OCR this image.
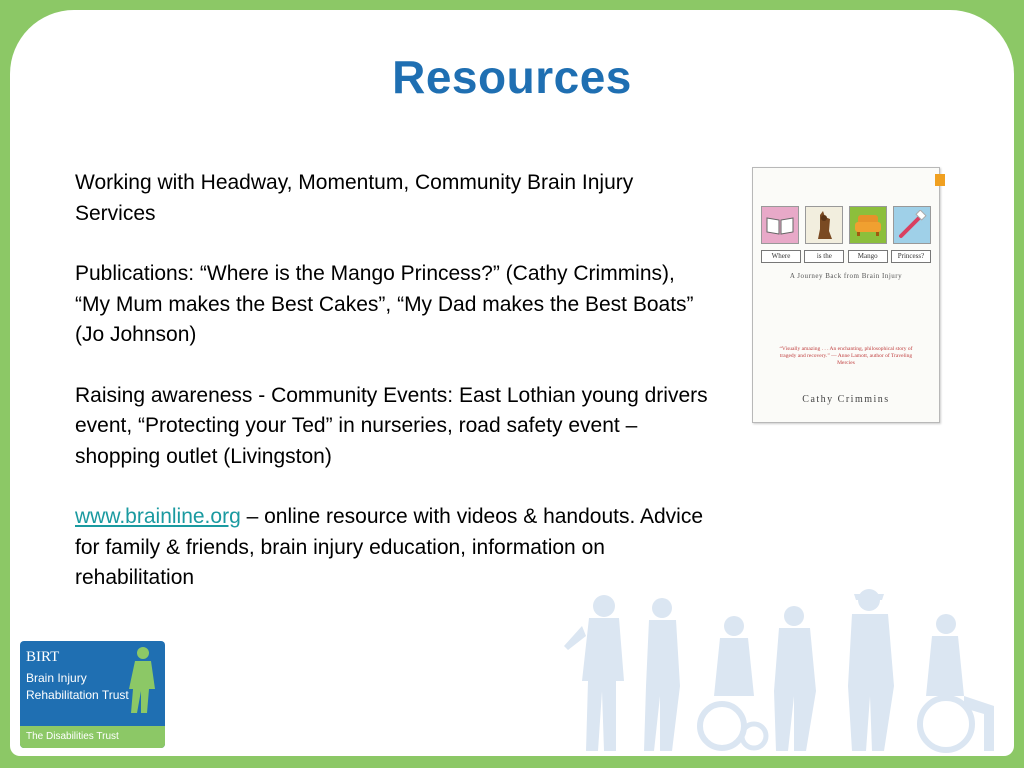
Resources

Working with Headway, Momentum, Community Brain Injury Services

Publications: “Where is the Mango Princess?” (Cathy Crimmins), “My Mum makes the Best Cakes”, “My Dad makes the Best Boats” (Jo Johnson)

Raising awareness - Community Events: East Lothian young drivers event, “Protecting your Ted” in nurseries, road safety event – shopping outlet (Livingston)

www.brainline.org – online resource with videos & handouts. Advice for family & friends, brain injury education, information on rehabilitation

Where	is the	Mango	Princess?
A Journey Back from Brain Injury
“Visually amazing . . . An enchanting, philosophical story of tragedy and recovery.” — Anne Lamott, author of Traveling Mercies
Cathy Crimmins
BIRT
Brain Injury
Rehabilitation Trust
The Disabilities Trust
